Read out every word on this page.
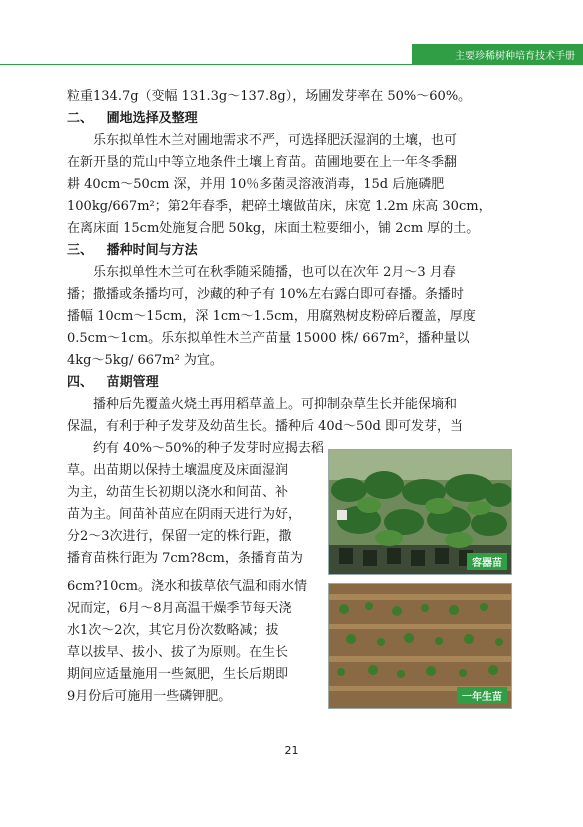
主要珍稀树种培育技术手册

粒重134.7g（变幅 131.3g～137.8g），场圃发芽率在 50%～60%。

二、 圃地选择及整理

乐东拟单性木兰对圃地需求不严，可选择肥沃湿润的土壤，也可

在新开垦的荒山中等立地条件土壤上育苗。苗圃地要在上一年冬季翻

耕 40cm～50cm 深，并用 10％多菌灵溶液消毒，15d 后施磷肥

100kg/667m²；第2年春季，耙碎土壤做苗床，床宽 1.2m 床高 30cm，

在离床面 15cm处施复合肥 50kg，床面土粒要细小，铺 2cm 厚的土。

三、 播种时间与方法

乐东拟单性木兰可在秋季随采随播，也可以在次年 2月～3 月春

播；撒播或条播均可，沙藏的种子有 10%左右露白即可春播。条播时

播幅 10cm～15cm，深 1cm～1.5cm，用腐熟树皮粉碎后覆盖，厚度

0.5cm～1cm。乐东拟单性木兰产苗量 15000 株/ 667m²，播种量以

4kg～5kg/ 667m² 为宜。

四、 苗期管理

播种后先覆盖火烧土再用稻草盖上。可抑制杂草生长并能保墒和

保温，有利于种子发芽及幼苗生长。播种后 40d～50d 即可发芽，当

约有 40%～50%的种子发芽时应揭去稻

草。出苗期以保持土壤温度及床面湿润

为主，幼苗生长初期以浇水和间苗、补

苗为主。间苗补苗应在阴雨天进行为好，

分2～3次进行，保留一定的株行距，撒

播育苗株行距为 7cm?8cm，条播育苗为

6cm?10cm。浇水和拔草依气温和雨水情

况而定，6月～8月高温干燥季节每天浇

水1次～2次，其它月份次数略减；拔

草以拔早、拔小、拔了为原则。在生长

期间应适量施用一些氮肥，生长后期即

9月份后可施用一些磷钾肥。

容器苗
一年生苗
21
